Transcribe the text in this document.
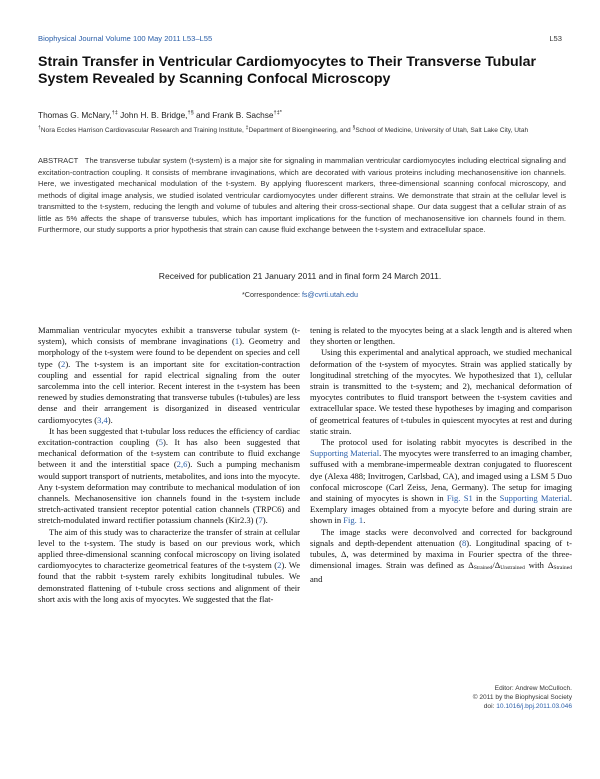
Biophysical Journal Volume 100 May 2011 L53–L55	L53
Strain Transfer in Ventricular Cardiomyocytes to Their Transverse Tubular System Revealed by Scanning Confocal Microscopy
Thomas G. McNary,†‡ John H. B. Bridge,†§ and Frank B. Sachse†‡*
†Nora Eccles Harrison Cardiovascular Research and Training Institute, ‡Department of Bioengineering, and §School of Medicine, University of Utah, Salt Lake City, Utah
ABSTRACT The transverse tubular system (t-system) is a major site for signaling in mammalian ventricular cardiomyocytes including electrical signaling and excitation-contraction coupling. It consists of membrane invaginations, which are decorated with various proteins including mechanosensitive ion channels. Here, we investigated mechanical modulation of the t-system. By applying fluorescent markers, three-dimensional scanning confocal microscopy, and methods of digital image analysis, we studied isolated ventricular cardiomyocytes under different strains. We demonstrate that strain at the cellular level is transmitted to the t-system, reducing the length and volume of tubules and altering their cross-sectional shape. Our data suggest that a cellular strain of as little as 5% affects the shape of transverse tubules, which has important implications for the function of mechanosensitive ion channels found in them. Furthermore, our study supports a prior hypothesis that strain can cause fluid exchange between the t-system and extracellular space.
Received for publication 21 January 2011 and in final form 24 March 2011.
*Correspondence: fs@cvrti.utah.edu

Mammalian ventricular myocytes exhibit a transverse tubular system (t-system), which consists of membrane invaginations (1). Geometry and morphology of the t-system were found to be dependent on species and cell type (2). The t-system is an important site for excitation-contraction coupling and essential for rapid electrical signaling from the outer sarcolemma into the cell interior. Recent interest in the t-system has been renewed by studies demonstrating that transverse tubules (t-tubules) are less dense and their arrangement is disorganized in diseased ventricular cardiomyocytes (3,4).

It has been suggested that t-tubular loss reduces the efficiency of cardiac excitation-contraction coupling (5). It has also been suggested that mechanical deformation of the t-system can contribute to fluid exchange between it and the interstitial space (2,6). Such a pumping mechanism would support transport of nutrients, metabolites, and ions into the myocyte. Any t-system deformation may contribute to mechanical modulation of ion channels. Mechanosensitive ion channels found in the t-system include stretch-activated transient receptor potential cation channels (TRPC6) and stretch-modulated inward rectifier potassium channels (Kir2.3) (7).

The aim of this study was to characterize the transfer of strain at cellular level to the t-system. The study is based on our previous work, which applied three-dimensional scanning confocal microscopy on living isolated cardiomyocytes to characterize geometrical features of the t-system (2). We found that the rabbit t-system rarely exhibits longitudinal tubules. We demonstrated flattening of t-tubule cross sections and alignment of their short axis with the long axis of myocytes. We suggested that the flat-

tening is related to the myocytes being at a slack length and is altered when they shorten or lengthen.

Using this experimental and analytical approach, we studied mechanical deformation of the t-system of myocytes. Strain was applied statically by longitudinal stretching of the myocytes. We hypothesized that 1), cellular strain is transmitted to the t-system; and 2), mechanical deformation of myocytes contributes to fluid transport between the t-system cavities and extracellular space. We tested these hypotheses by imaging and comparison of geometrical features of t-tubules in quiescent myocytes at rest and during static strain.

The protocol used for isolating rabbit myocytes is described in the Supporting Material. The myocytes were transferred to an imaging chamber, suffused with a membrane-impermeable dextran conjugated to fluorescent dye (Alexa 488; Invitrogen, Carlsbad, CA), and imaged using a LSM 5 Duo confocal microscope (Carl Zeiss, Jena, Germany). The setup for imaging and staining of myocytes is shown in Fig. S1 in the Supporting Material. Exemplary images obtained from a myocyte before and during strain are shown in Fig. 1.

The image stacks were deconvolved and corrected for background signals and depth-dependent attenuation (8). Longitudinal spacing of t-tubules, Δ, was determined by maxima in Fourier spectra of the three-dimensional images. Strain was defined as ΔStrained/ΔUnstrained with ΔStrained and

Editor: Andrew McCulloch.
© 2011 by the Biophysical Society
doi: 10.1016/j.bpj.2011.03.046
